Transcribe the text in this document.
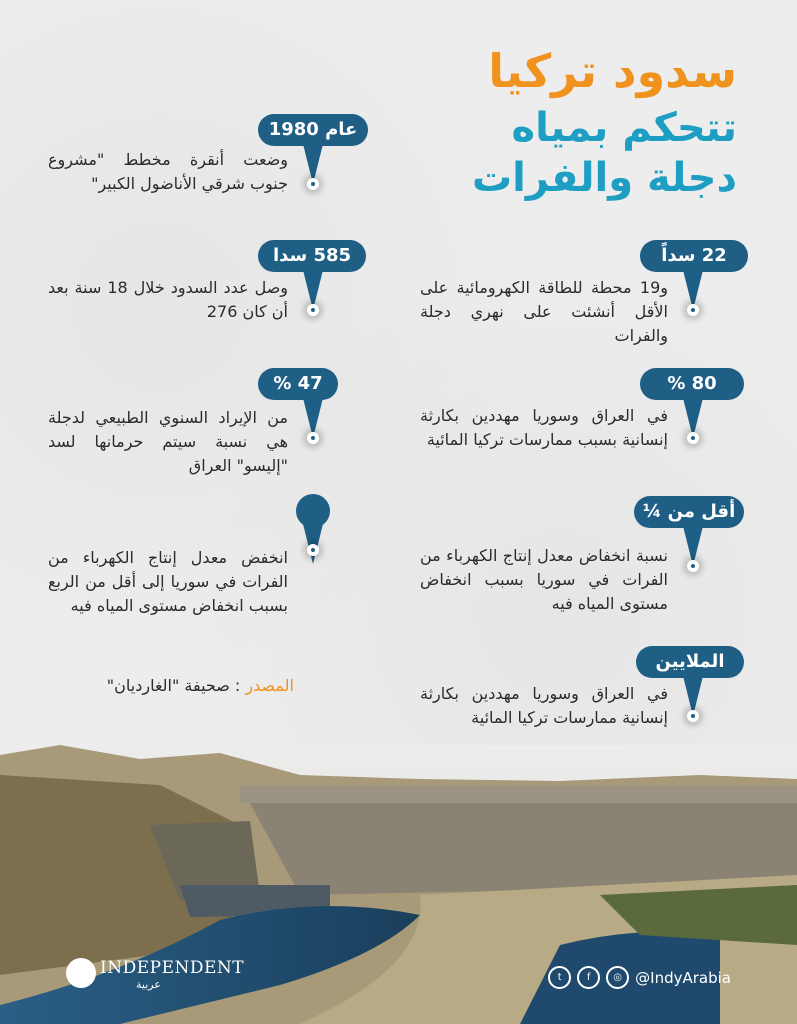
سدود تركيا
تتحكم بمياه
دجلة والفرات
عام 1980
وضعت أنقرة مخطط "مشروع جنوب شرقي الأناضول الكبير"
585 سدا
وصل عدد السدود خلال 18 سنة بعد أن كان 276
47 %
من الإيراد السنوي الطبيعي لدجلة هي نسبة سيتم حرمانها لسد "إليسو" العراق
انخفض معدل إنتاج الكهرباء من الفرات في سوريا إلى أقل من الربع بسبب انخفاض مستوى المياه فيه
المصدر : صحيفة "الغارديان"
22 سداً
و19 محطة للطاقة الكهرومائية على الأقل أنشئت على نهري دجلة والفرات
80 %
في العراق وسوريا مهددين بكارثة إنسانية بسبب ممارسات تركيا المائية
أقل من ¼
نسبة انخفاض معدل إنتاج الكهرباء من الفرات في سوريا بسبب انخفاض مستوى المياه فيه
الملايين
في العراق وسوريا مهددين بكارثة إنسانية ممارسات تركيا المائية
INDEPENDENT
عربية
t	f	◎ @IndyArabia
